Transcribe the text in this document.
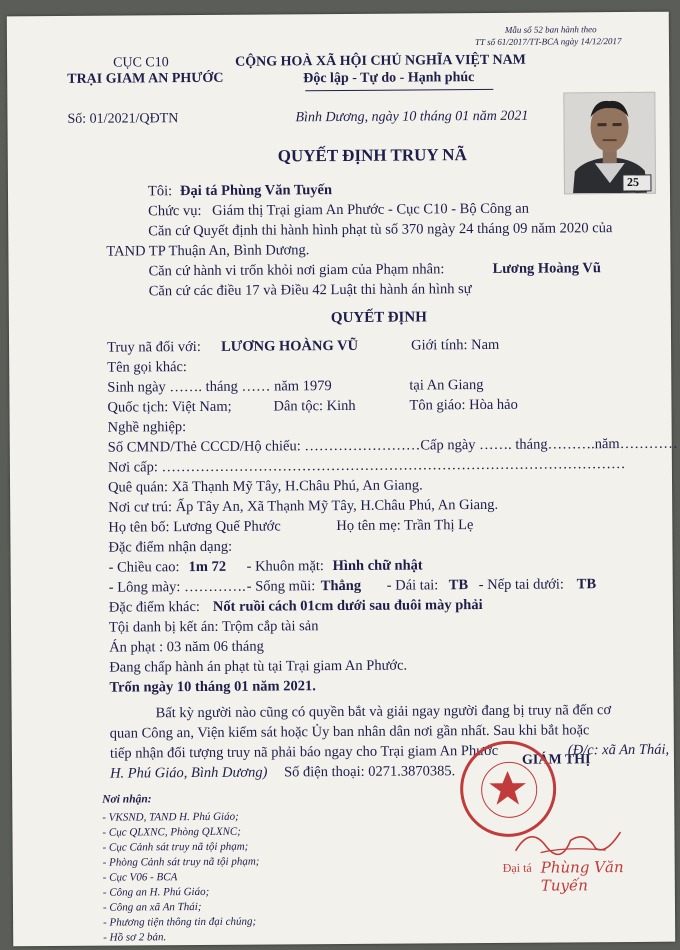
Mẫu số 52 ban hành theo
TT số 61/2017/TT-BCA ngày 14/12/2017
CỤC C10
TRẠI GIAM AN PHƯỚC
CỘNG HOÀ XÃ HỘI CHỦ NGHĨA VIỆT NAM
Độc lập - Tự do - Hạnh phúc
Số: 01/2021/QĐTN	Bình Dương, ngày 10 tháng 01 năm 2021
25
QUYẾT ĐỊNH TRUY NÃ
Tôi: Đại tá Phùng Văn Tuyến
Chức vụ: Giám thị Trại giam An Phước - Cục C10 - Bộ Công an
Căn cứ Quyết định thi hành hình phạt tù số 370 ngày 24 tháng 09 năm 2020 của
TAND TP Thuận An, Bình Dương.
Căn cứ hành vi trốn khỏi nơi giam của Phạm nhân:	Lương Hoàng Vũ
Căn cứ các điều 17 và Điều 42 Luật thi hành án hình sự
QUYẾT ĐỊNH
Truy nã đối với: LƯƠNG HOÀNG VŨ	Giới tính: Nam
Tên gọi khác:
Sinh ngày ……. tháng …… năm 1979	tại An Giang
Quốc tịch: Việt Nam;	Dân tộc: Kinh	Tôn giáo: Hòa hảo
Nghề nghiệp:
Số CMND/Thẻ CCCD/Hộ chiếu: ……………………Cấp ngày ……. tháng……….năm…………
Nơi cấp: ……………………………………………………………………………………
Quê quán: Xã Thạnh Mỹ Tây, H.Châu Phú, An Giang.
Nơi cư trú: Ấp Tây An, Xã Thạnh Mỹ Tây, H.Châu Phú, An Giang.
Họ tên bố: Lương Quế Phước	Họ tên mẹ: Trần Thị Lẹ
Đặc điểm nhận dạng:
- Chiều cao: 1m 72 - Khuôn mặt: Hình chữ nhật
- Lông mày: …………. - Sống mũi: Thẳng - Dái tai: TB - Nếp tai dưới: TB
Đặc điểm khác: Nốt ruồi cách 01cm dưới sau đuôi mày phải
Tội danh bị kết án: Trộm cắp tài sản
Án phạt : 03 năm 06 tháng
Đang chấp hành án phạt tù tại Trại giam An Phước.
Trốn ngày 10 tháng 01 năm 2021.
Bất kỳ người nào cũng có quyền bắt và giải ngay người đang bị truy nã đến cơ
quan Công an, Viện kiểm sát hoặc Ủy ban nhân dân nơi gần nhất. Sau khi bắt hoặc
tiếp nhận đối tượng truy nã phải báo ngay cho Trại giam An Phước	(Đ/c: xã An Thái,
H. Phú Giáo, Bình Dương) Số điện thoại: 0271.3870385.
Nơi nhận:
- VKSND, TAND H. Phú Giáo;
- Cục QLXNC, Phòng QLXNC;
- Cục Cảnh sát truy nã tội phạm;
- Phòng Cảnh sát truy nã tội phạm;
- Cục V06 - BCA
- Công an H. Phú Giáo;
- Công an xã An Thái;
- Phương tiện thông tin đại chúng;
- Hồ sơ 2 bản.
GIÁM THỊ
Đại tá Phùng Văn Tuyến
